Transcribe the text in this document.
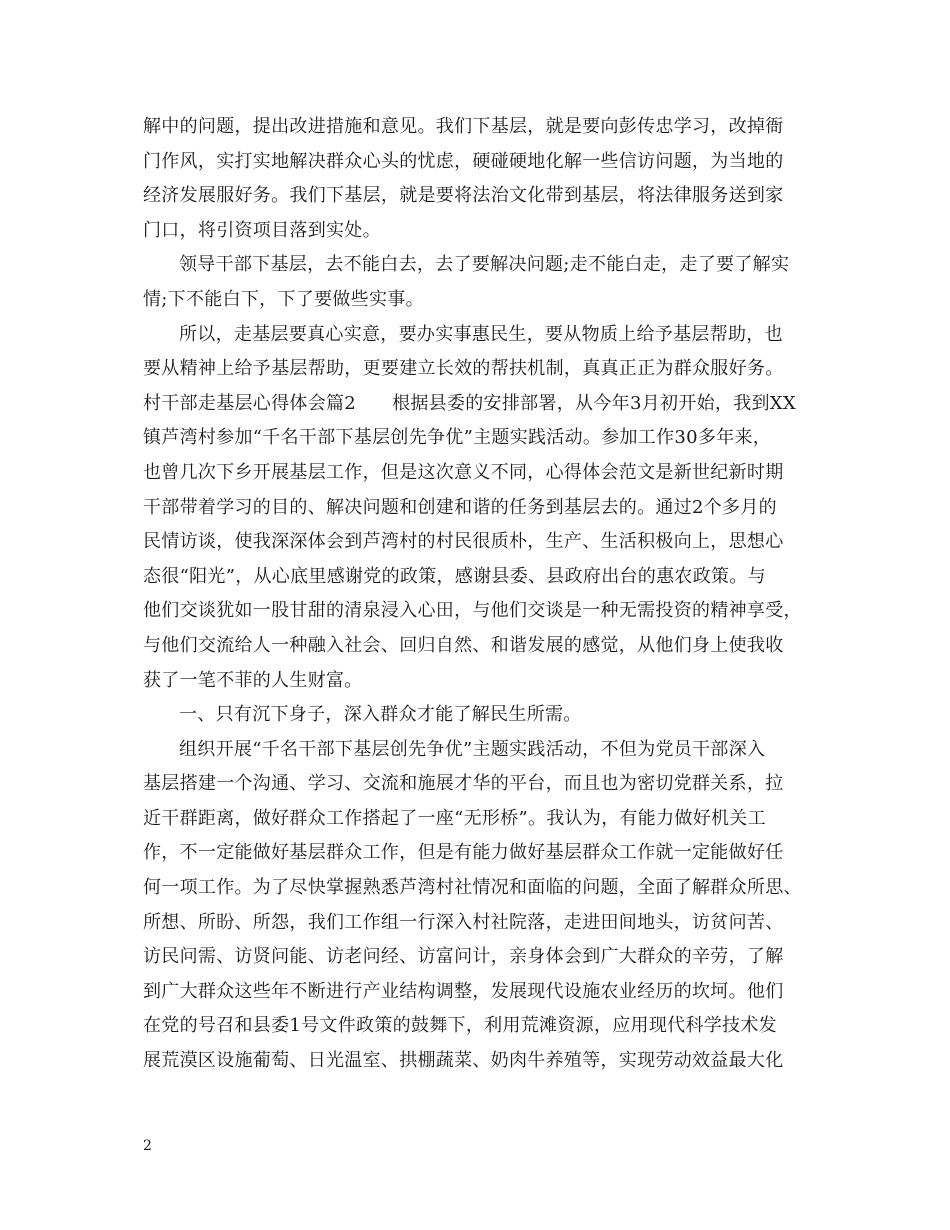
解中的问题，提出改进措施和意见。我们下基层，就是要向彭传忠学习，改掉衙
门作风，实打实地解决群众心头的忧虑，硬碰硬地化解一些信访问题，为当地的
经济发展服好务。我们下基层，就是要将法治文化带到基层，将法律服务送到家
门口，将引资项目落到实处。
领导干部下基层，去不能白去，去了要解决问题;走不能白走，走了要了解实
情;下不能白下，下了要做些实事。
所以，走基层要真心实意，要办实事惠民生，要从物质上给予基层帮助，也
要从精神上给予基层帮助，更要建立长效的帮扶机制，真真正正为群众服好务。
村干部走基层心得体会篇2 根据县委的安排部署，从今年3月初开始，我到XX
镇芦湾村参加“千名干部下基层创先争优”主题实践活动。参加工作30多年来，
也曾几次下乡开展基层工作，但是这次意义不同，心得体会范文是新世纪新时期
干部带着学习的目的、解决问题和创建和谐的任务到基层去的。通过2个多月的
民情访谈，使我深深体会到芦湾村的村民很质朴，生产、生活积极向上，思想心
态很“阳光”，从心底里感谢党的政策，感谢县委、县政府出台的惠农政策。与
他们交谈犹如一股甘甜的清泉浸入心田，与他们交谈是一种无需投资的精神享受，
与他们交流给人一种融入社会、回归自然、和谐发展的感觉，从他们身上使我收
获了一笔不菲的人生财富。
一、只有沉下身子，深入群众才能了解民生所需。
组织开展“千名干部下基层创先争优”主题实践活动，不但为党员干部深入
基层搭建一个沟通、学习、交流和施展才华的平台，而且也为密切党群关系，拉
近干群距离，做好群众工作搭起了一座“无形桥”。我认为，有能力做好机关工
作，不一定能做好基层群众工作，但是有能力做好基层群众工作就一定能做好任
何一项工作。为了尽快掌握熟悉芦湾村社情况和面临的问题，全面了解群众所思、
所想、所盼、所怨，我们工作组一行深入村社院落，走进田间地头，访贫问苦、
访民问需、访贤问能、访老问经、访富问计，亲身体会到广大群众的辛劳，了解
到广大群众这些年不断进行产业结构调整，发展现代设施农业经历的坎坷。他们
在党的号召和县委1号文件政策的鼓舞下，利用荒滩资源，应用现代科学技术发
展荒漠区设施葡萄、日光温室、拱棚蔬菜、奶肉牛养殖等，实现劳动效益最大化
2
